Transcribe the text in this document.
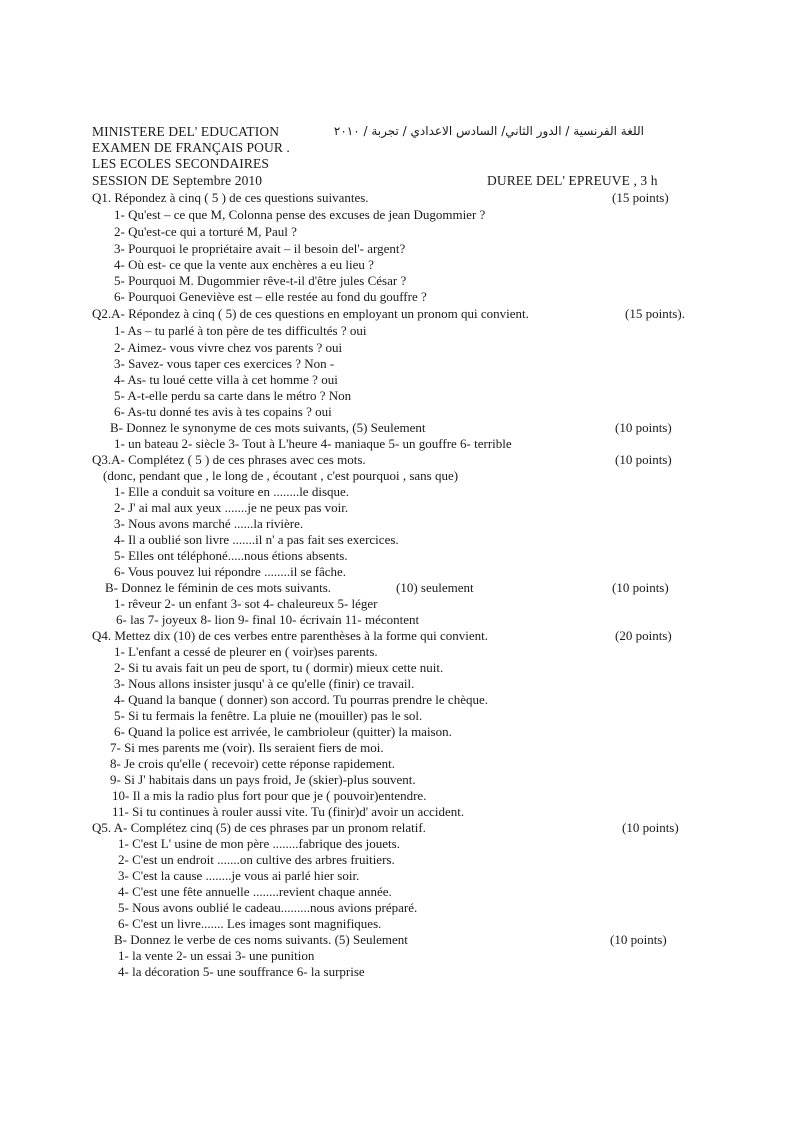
MINISTERE DEL' EDUCATION	اللغة الفرنسية / الدور الثاني/ السادس الاعدادي / تجربة / ٢٠١٠
EXAMEN DE FRANÇAIS POUR .
LES ECOLES SECONDAIRES
SESSION DE Septembre 2010	DUREE DEL' EPREUVE , 3 h
Q1. Répondez à cinq ( 5 ) de ces questions suivantes.	(15 points)
1- Qu'est – ce que M, Colonna pense des excuses de jean Dugommier ?
2- Qu'est-ce qui a torturé M, Paul ?
3- Pourquoi le propriétaire avait – il besoin del'- argent?
4- Où est- ce que la vente aux enchères a eu lieu ?
5- Pourquoi M. Dugommier rêve-t-il d'être jules César ?
6- Pourquoi Geneviève est – elle restée au fond du gouffre ?
Q2.A- Répondez à cinq ( 5) de ces questions en employant un pronom qui convient.	(15 points).
1- As – tu parlé à ton père de tes difficultés ? oui
2- Aimez- vous vivre chez vos parents ? oui
3- Savez- vous taper ces exercices ? Non -
4- As- tu loué cette villa à cet homme ? oui
5- A-t-elle perdu sa carte dans le métro ? Non
6- As-tu donné tes avis à tes copains ? oui
B- Donnez le synonyme de ces mots suivants, (5) Seulement	(10 points)
1- un bateau 2- siècle 3- Tout à L'heure 4- maniaque 5- un gouffre 6- terrible
Q3.A- Complétez ( 5 ) de ces phrases avec ces mots.	(10 points)
(donc, pendant que , le long de , écoutant , c'est pourquoi , sans que)
1- Elle a conduit sa voiture en ........le disque.
2- J' ai mal aux yeux .......je ne peux pas voir.
3- Nous avons marché ......la rivière.
4- Il a oublié son livre .......il n' a pas fait ses exercices.
5- Elles ont téléphoné.....nous étions absents.
6- Vous pouvez lui répondre ........il se fâche.
B- Donnez le féminin de ces mots suivants.	(10) seulement	(10 points)
1- rêveur 2- un enfant 3- sot 4- chaleureux 5- léger
6- las 7- joyeux 8- lion 9- final 10- écrivain 11- mécontent
Q4. Mettez dix (10) de ces verbes entre parenthèses à la forme qui convient.	(20 points)
1- L'enfant a cessé de pleurer en ( voir)ses parents.
2- Si tu avais fait un peu de sport, tu ( dormir) mieux cette nuit.
3- Nous allons insister jusqu' à ce qu'elle (finir) ce travail.
4- Quand la banque ( donner) son accord. Tu pourras prendre le chèque.
5- Si tu fermais la fenêtre. La pluie ne (mouiller) pas le sol.
6- Quand la police est arrivée, le cambrioleur (quitter) la maison.
7- Si mes parents me (voir). Ils seraient fiers de moi.
8- Je crois qu'elle ( recevoir) cette réponse rapidement.
9- Si J' habitais dans un pays froid, Je (skier)-plus souvent.
10- Il a mis la radio plus fort pour que je ( pouvoir)entendre.
11- Si tu continues à rouler aussi vite. Tu (finir)d' avoir un accident.
Q5. A- Complétez cinq (5) de ces phrases par un pronom relatif.	(10 points)
1- C'est L' usine de mon père ........fabrique des jouets.
2- C'est un endroit .......on cultive des arbres fruitiers.
3- C'est la cause ........je vous ai parlé hier soir.
4- C'est une fête annuelle ........revient chaque année.
5- Nous avons oublié le cadeau.........nous avions préparé.
6- C'est un livre....... Les images sont magnifiques.
B- Donnez le verbe de ces noms suivants. (5) Seulement	(10 points)
1- la vente 2- un essai 3- une punition
4- la décoration 5- une souffrance 6- la surprise
